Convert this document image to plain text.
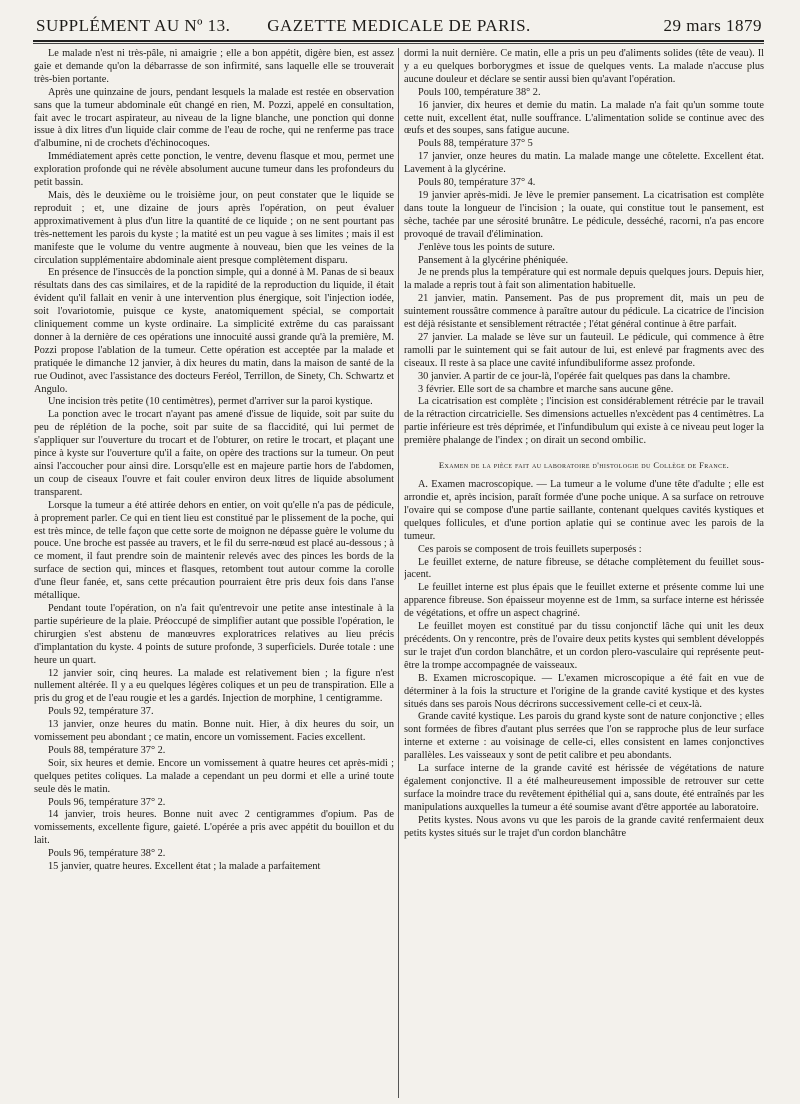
SUPPLÉMENT AU Nº 13.	GAZETTE MEDICALE DE PARIS.	29 mars 1879

Le malade n'est ni très-pâle, ni amaigrie ; elle a bon appétit, digère bien, est assez gaie et demande qu'on la débarrasse de son infirmité, sans laquelle elle se trouverait très-bien portante.

Après une quinzaine de jours, pendant lesquels la malade est restée en observation sans que la tumeur abdominale eût changé en rien, M. Pozzi, appelé en consultation, fait avec le trocart aspirateur, au niveau de la ligne blanche, une ponction qui donne issue à dix litres d'un liquide clair comme de l'eau de roche, qui ne renferme pas trace d'albumine, ni de crochets d'échinocoques.

Immédiatement après cette ponction, le ventre, devenu flasque et mou, permet une exploration profonde qui ne révèle absolument aucune tumeur dans les profondeurs du petit bassin.

Mais, dès le deuxième ou le troisième jour, on peut constater que le liquide se reproduit ; et, une dizaine de jours après l'opération, on peut évaluer approximativement à plus d'un litre la quantité de ce liquide ; on ne sent pourtant pas très-nettement les parois du kyste ; la matité est un peu vague à ses limites ; mais il est manifeste que le volume du ventre augmente à nouveau, bien que les veines de la circulation supplémentaire abdominale aient presque complètement disparu.

En présence de l'insuccès de la ponction simple, qui a donné à M. Panas de si beaux résultats dans des cas similaires, et de la rapidité de la reproduction du liquide, il était évident qu'il fallait en venir à une intervention plus énergique, soit l'injection iodée, soit l'ovariotomie, puisque ce kyste, anatomiquement spécial, se comportait cliniquement comme un kyste ordinaire. La simplicité extrême du cas paraissant donner à la dernière de ces opérations une innocuité aussi grande qu'à la première, M. Pozzi propose l'ablation de la tumeur. Cette opération est acceptée par la malade et pratiquée le dimanche 12 janvier, à dix heures du matin, dans la maison de santé de la rue Oudinot, avec l'assistance des docteurs Feréol, Terrillon, de Sinety, Ch. Schwartz et Angulo.

Une incision très petite (10 centimètres), permet d'arriver sur la paroi kystique.

La ponction avec le trocart n'ayant pas amené d'issue de liquide, soit par suite du peu de réplétion de la poche, soit par suite de sa flaccidité, qui lui permet de s'appliquer sur l'ouverture du trocart et de l'obturer, on retire le trocart, et plaçant une pince à kyste sur l'ouverture qu'il a faite, on opère des tractions sur la tumeur. On peut ainsi l'accoucher pour ainsi dire. Lorsqu'elle est en majeure partie hors de l'abdomen, un coup de ciseaux l'ouvre et fait couler environ deux litres de liquide absolument transparent.

Lorsque la tumeur a été attirée dehors en entier, on voit qu'elle n'a pas de pédicule, à proprement parler. Ce qui en tient lieu est constitué par le plissement de la poche, qui est très mince, de telle façon que cette sorte de moignon ne dépasse guère le volume du pouce. Une broche est passée au travers, et le fil du serre-nœud est placé au-dessous ; à ce moment, il faut prendre soin de maintenir relevés avec des pinces les bords de la surface de section qui, minces et flasques, retombent tout autour comme la corolle d'une fleur fanée, et, sans cette précaution pourraient être pris deux fois dans l'anse métallique.

Pendant toute l'opération, on n'a fait qu'entrevoir une petite anse intestinale à la partie supérieure de la plaie. Préoccupé de simplifier autant que possible l'opération, le chirurgien s'est abstenu de manœuvres exploratrices relatives au lieu précis d'implantation du kyste. 4 points de suture profonde, 3 superficiels. Durée totale : une heure un quart.

12 janvier soir, cinq heures. La malade est relativement bien ; la figure n'est nullement altérée. Il y a eu quelques légères coliques et un peu de transpiration. Elle a pris du grog et de l'eau rougie et les a gardés. Injection de morphine, 1 centigramme.

Pouls 92, température 37.

13 janvier, onze heures du matin. Bonne nuit. Hier, à dix heures du soir, un vomissement peu abondant ; ce matin, encore un vomissement. Facies excellent.

Pouls 88, température 37° 2.

Soir, six heures et demie. Encore un vomissement à quatre heures cet après-midi ; quelques petites coliques. La malade a cependant un peu dormi et elle a uriné toute seule dès le matin.

Pouls 96, température 37° 2.

14 janvier, trois heures. Bonne nuit avec 2 centigrammes d'opium. Pas de vomissements, excellente figure, gaieté. L'opérée a pris avec appétit du bouillon et du lait.

Pouls 96, température 38° 2.

15 janvier, quatre heures. Excellent état ; la malade a parfaitement

dormi la nuit dernière. Ce matin, elle a pris un peu d'aliments solides (tête de veau). Il y a eu quelques borborygmes et issue de quelques vents. La malade n'accuse plus aucune douleur et déclare se sentir aussi bien qu'avant l'opération.

Pouls 100, température 38° 2.

16 janvier, dix heures et demie du matin. La malade n'a fait qu'un somme toute cette nuit, excellent état, nulle souffrance. L'alimentation solide se continue avec des œufs et des soupes, sans fatigue aucune.

Pouls 88, température 37° 5

17 janvier, onze heures du matin. La malade mange une côtelette. Excellent état. Lavement à la glycérine.

Pouls 80, température 37° 4.

19 janvier après-midi. Je lève le premier pansement. La cicatrisation est complète dans toute la longueur de l'incision ; la ouate, qui constitue tout le pansement, est sèche, tachée par une sérosité brunâtre. Le pédicule, desséché, racorni, n'a pas encore provoqué de travail d'élimination.

J'enlève tous les points de suture.

Pansement à la glycérine phéniquée.

Je ne prends plus la température qui est normale depuis quelques jours. Depuis hier, la malade a repris tout à fait son alimentation habituelle.

21 janvier, matin. Pansement. Pas de pus proprement dit, mais un peu de suintement roussâtre commence à paraître autour du pédicule. La cicatrice de l'incision est déjà résistante et sensiblement rétractée ; l'état général continue à être parfait.

27 janvier. La malade se lève sur un fauteuil. Le pédicule, qui commence à être ramolli par le suintement qui se fait autour de lui, est enlevé par fragments avec des ciseaux. Il reste à sa place une cavité infundibuliforme assez profonde.

30 janvier. A partir de ce jour-là, l'opérée fait quelques pas dans la chambre.

3 février. Elle sort de sa chambre et marche sans aucune gêne.

La cicatrisation est complète ; l'incision est considérablement rétrécie par le travail de la rétraction circatricielle. Ses dimensions actuelles n'excèdent pas 4 centimètres. La partie inférieure est très déprimée, et l'infundibulum qui existe à ce niveau peut loger la première phalange de l'index ; on dirait un second ombilic.

Examen de la pièce fait au laboratoire d'histologie du Collège de France.

A. Examen macroscopique. — La tumeur a le volume d'une tête d'adulte ; elle est arrondie et, après incision, paraît formée d'une poche unique. A sa surface on retrouve l'ovaire qui se compose d'une partie saillante, contenant quelques cavités kystiques et quelques follicules, et d'une portion aplatie qui se continue avec les parois de la tumeur.

Ces parois se composent de trois feuillets superposés :

Le feuillet externe, de nature fibreuse, se détache complètement du feuillet sous-jacent.

Le feuillet interne est plus épais que le feuillet externe et présente comme lui une apparence fibreuse. Son épaisseur moyenne est de 1mm, sa surface interne est hérissée de végétations, et offre un aspect chagriné.

Le feuillet moyen est constitué par du tissu conjonctif lâche qui unit les deux précédents. On y rencontre, près de l'ovaire deux petits kystes qui semblent développés sur le trajet d'un cordon blanchâtre, et un cordon plero-vasculaire qui représente peut-être la trompe accompagnée de vaisseaux.

B. Examen microscopique. — L'examen microscopique a été fait en vue de déterminer à la fois la structure et l'origine de la grande cavité kystique et des kystes situés dans ses parois Nous décrirons successivement celle-ci et ceux-là.

Grande cavité kystique. Les parois du grand kyste sont de nature conjonctive ; elles sont formées de fibres d'autant plus serrées que l'on se rapproche plus de leur surface interne et externe : au voisinage de celle-ci, elles consistent en lames conjonctives parallèles. Les vaisseaux y sont de petit calibre et peu abondants.

La surface interne de la grande cavité est hérissée de végétations de nature également conjonctive. Il a été malheureusement impossible de retrouver sur cette surface la moindre trace du revêtement épithélial qui a, sans doute, été entraînés par les manipulations auxquelles la tumeur a été soumise avant d'être apportée au laboratoire.

Petits kystes. Nous avons vu que les parois de la grande cavité renfermaient deux petits kystes situés sur le trajet d'un cordon blanchâtre
